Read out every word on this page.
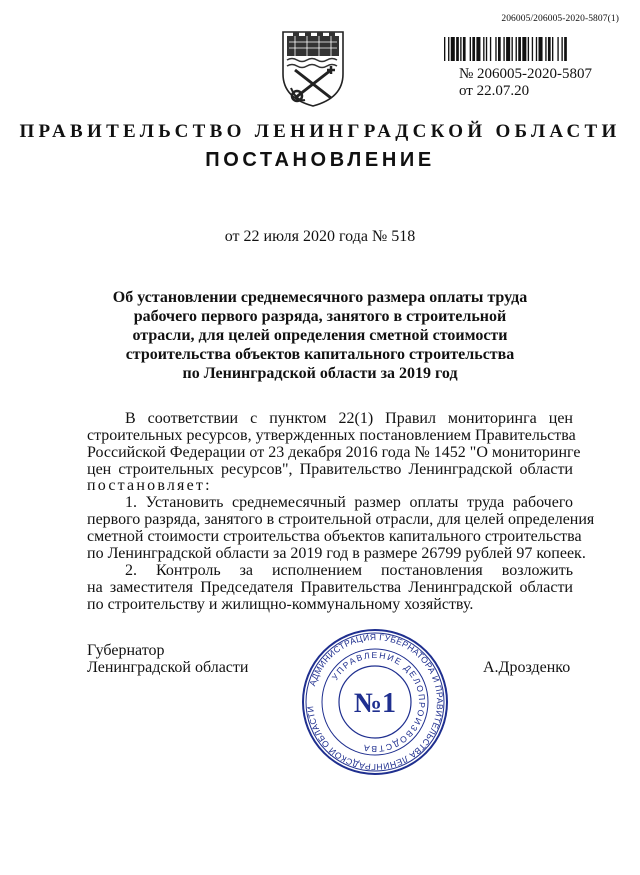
206005/206005-2020-5807(1)
№ 206005-2020-5807
от 22.07.20
ПРАВИТЕЛЬСТВО ЛЕНИНГРАДСКОЙ ОБЛАСТИ
ПОСТАНОВЛЕНИЕ
от 22 июля 2020 года № 518
Об установлении среднемесячного размера оплаты труда
рабочего первого разряда, занятого в строительной
отрасли, для целей определения сметной стоимости
строительства объектов капитального строительства
по Ленинградской области за 2019 год
В соответствии с пунктом 22(1) Правил мониторинга цен
строительных ресурсов, утвержденных постановлением Правительства
Российской Федерации от 23 декабря 2016 года № 1452 "О мониторинге
цен строительных ресурсов", Правительство Ленинградской области
постановляет:
1. Установить среднемесячный размер оплаты труда рабочего
первого разряда, занятого в строительной отрасли, для целей определения
сметной стоимости строительства объектов капитального строительства
по Ленинградской области за 2019 год в размере 26799 рублей 97 копеек.
2. Контроль за исполнением постановления возложить
на заместителя Председателя Правительства Ленинградской области
по строительству и жилищно-коммунальному хозяйству.
Губернатор
Ленинградской области	А.Дрозденко
АДМИНИСТРАЦИЯ ГУБЕРНАТОРА И ПРАВИТЕЛЬСТВА ЛЕНИНГРАДСКОЙ ОБЛАСТИ
УПРАВЛЕНИЕ ДЕЛОПРОИЗВОДСТВА
№1
